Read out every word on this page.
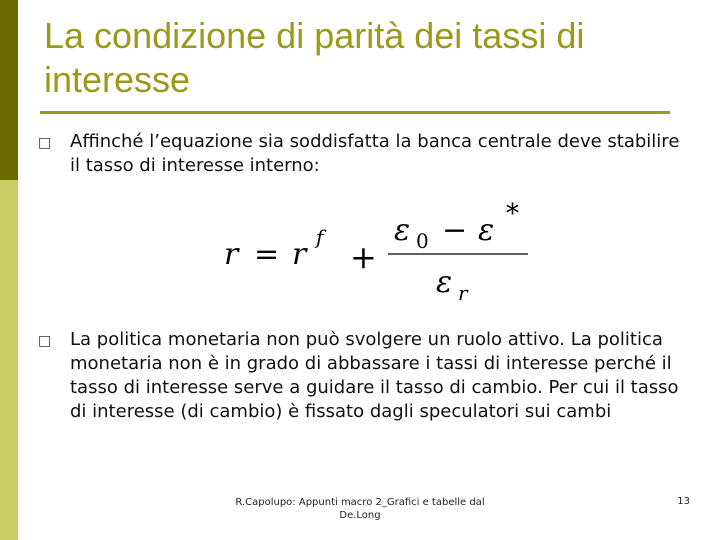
La condizione di parità dei tassi di interesse
□ Affinché l’equazione sia soddisfatta la banca centrale deve stabilire il tasso di interesse interno:

r = r f
+
ε 0 − ε *
ε r
□ La politica monetaria non può svolgere un ruolo attivo. La politica monetaria non è in grado di abbassare i tassi di interesse perché il tasso di interesse serve a guidare il tasso di cambio. Per cui il tasso di interesse (di cambio) è fissato dagli speculatori sui cambi

R.Capolupo: Appunti macro 2_Grafici e tabelle dal De.Long
13
